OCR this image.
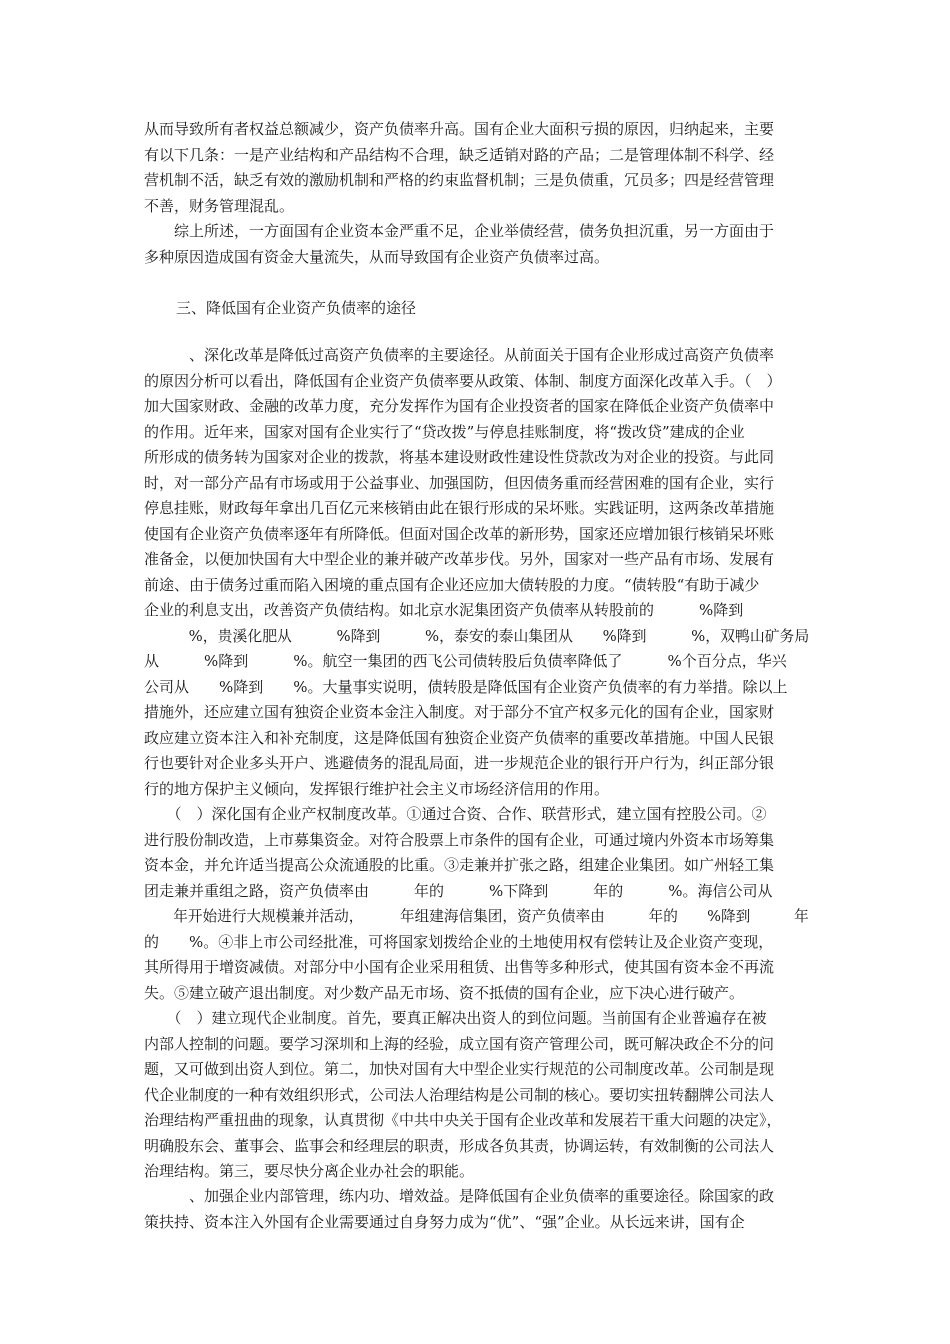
从而导致所有者权益总额减少，资产负债率升高。国有企业大面积亏损的原因，归纳起来，主要
有以下几条：一是产业结构和产品结构不合理，缺乏适销对路的产品；二是管理体制不科学、经
营机制不活，缺乏有效的激励机制和严格的约束监督机制；三是负债重，冗员多；四是经营管理
不善，财务管理混乱。
　　综上所述，一方面国有企业资本金严重不足，企业举债经营，债务负担沉重，另一方面由于
多种原因造成国有资金大量流失，从而导致国有企业资产负债率过高。
三、降低国有企业资产负债率的途径
　　　、深化改革是降低过高资产负债率的主要途径。从前面关于国有企业形成过高资产负债率
的原因分析可以看出，降低国有企业资产负债率要从政策、体制、制度方面深化改革入手。（　）
加大国家财政、金融的改革力度，充分发挥作为国有企业投资者的国家在降低企业资产负债率中
的作用。近年来，国家对国有企业实行了“贷改拨”与停息挂账制度，将“拨改贷”建成的企业
所形成的债务转为国家对企业的拨款，将基本建设财政性建设性贷款改为对企业的投资。与此同
时，对一部分产品有市场或用于公益事业、加强国防，但因债务重而经营困难的国有企业，实行
停息挂账，财政每年拿出几百亿元来核销由此在银行形成的呆坏账。实践证明，这两条改革措施
使国有企业资产负债率逐年有所降低。但面对国企改革的新形势，国家还应增加银行核销呆坏账
准备金，以便加快国有大中型企业的兼并破产改革步伐。另外，国家对一些产品有市场、发展有
前途、由于债务过重而陷入困境的重点国有企业还应加大债转股的力度。“债转股“有助于减少
企业的利息支出，改善资产负债结构。如北京水泥集团资产负债率从转股前的　　　%降到
　　　%，贵溪化肥从　　　%降到　　　%，泰安的泰山集团从　　%降到　　　%，双鸭山矿务局
从　　　%降到　　　%。航空一集团的西飞公司债转股后负债率降低了　　　%个百分点，华兴
公司从　　%降到　　%。大量事实说明，债转股是降低国有企业资产负债率的有力举措。除以上
措施外，还应建立国有独资企业资本金注入制度。对于部分不宜产权多元化的国有企业，国家财
政应建立资本注入和补充制度，这是降低国有独资企业资产负债率的重要改革措施。中国人民银
行也要针对企业多头开户、逃避债务的混乱局面，进一步规范企业的银行开户行为，纠正部分银
行的地方保护主义倾向，发挥银行维护社会主义市场经济信用的作用。
　　（　）深化国有企业产权制度改革。①通过合资、合作、联营形式，建立国有控股公司。②
进行股份制改造，上市募集资金。对符合股票上市条件的国有企业，可通过境内外资本市场筹集
资本金，并允许适当提高公众流通股的比重。③走兼并扩张之路，组建企业集团。如广州轻工集
团走兼并重组之路，资产负债率由　　　年的　　　%下降到　　　年的　　　%。海信公司从
　　年开始进行大规模兼并活动，　　　年组建海信集团，资产负债率由　　　年的　　%降到　　　年
的　　%。④非上市公司经批准，可将国家划拨给企业的土地使用权有偿转让及企业资产变现，
其所得用于增资减债。对部分中小国有企业采用租赁、出售等多种形式，使其国有资本金不再流
失。⑤建立破产退出制度。对少数产品无市场、资不抵债的国有企业，应下决心进行破产。
　　（　）建立现代企业制度。首先，要真正解决出资人的到位问题。当前国有企业普遍存在被
内部人控制的问题。要学习深圳和上海的经验，成立国有资产管理公司，既可解决政企不分的问
题，又可做到出资人到位。第二，加快对国有大中型企业实行规范的公司制度改革。公司制是现
代企业制度的一种有效组织形式，公司法人治理结构是公司制的核心。要切实扭转翻牌公司法人
治理结构严重扭曲的现象，认真贯彻《中共中央关于国有企业改革和发展若干重大问题的决定》，
明确股东会、董事会、监事会和经理层的职责，形成各负其责，协调运转，有效制衡的公司法人
治理结构。第三，要尽快分离企业办社会的职能。
　　　、加强企业内部管理，练内功、增效益。是降低国有企业负债率的重要途径。除国家的政
策扶持、资本注入外国有企业需要通过自身努力成为“优”、“强”企业。从长远来讲，国有企
